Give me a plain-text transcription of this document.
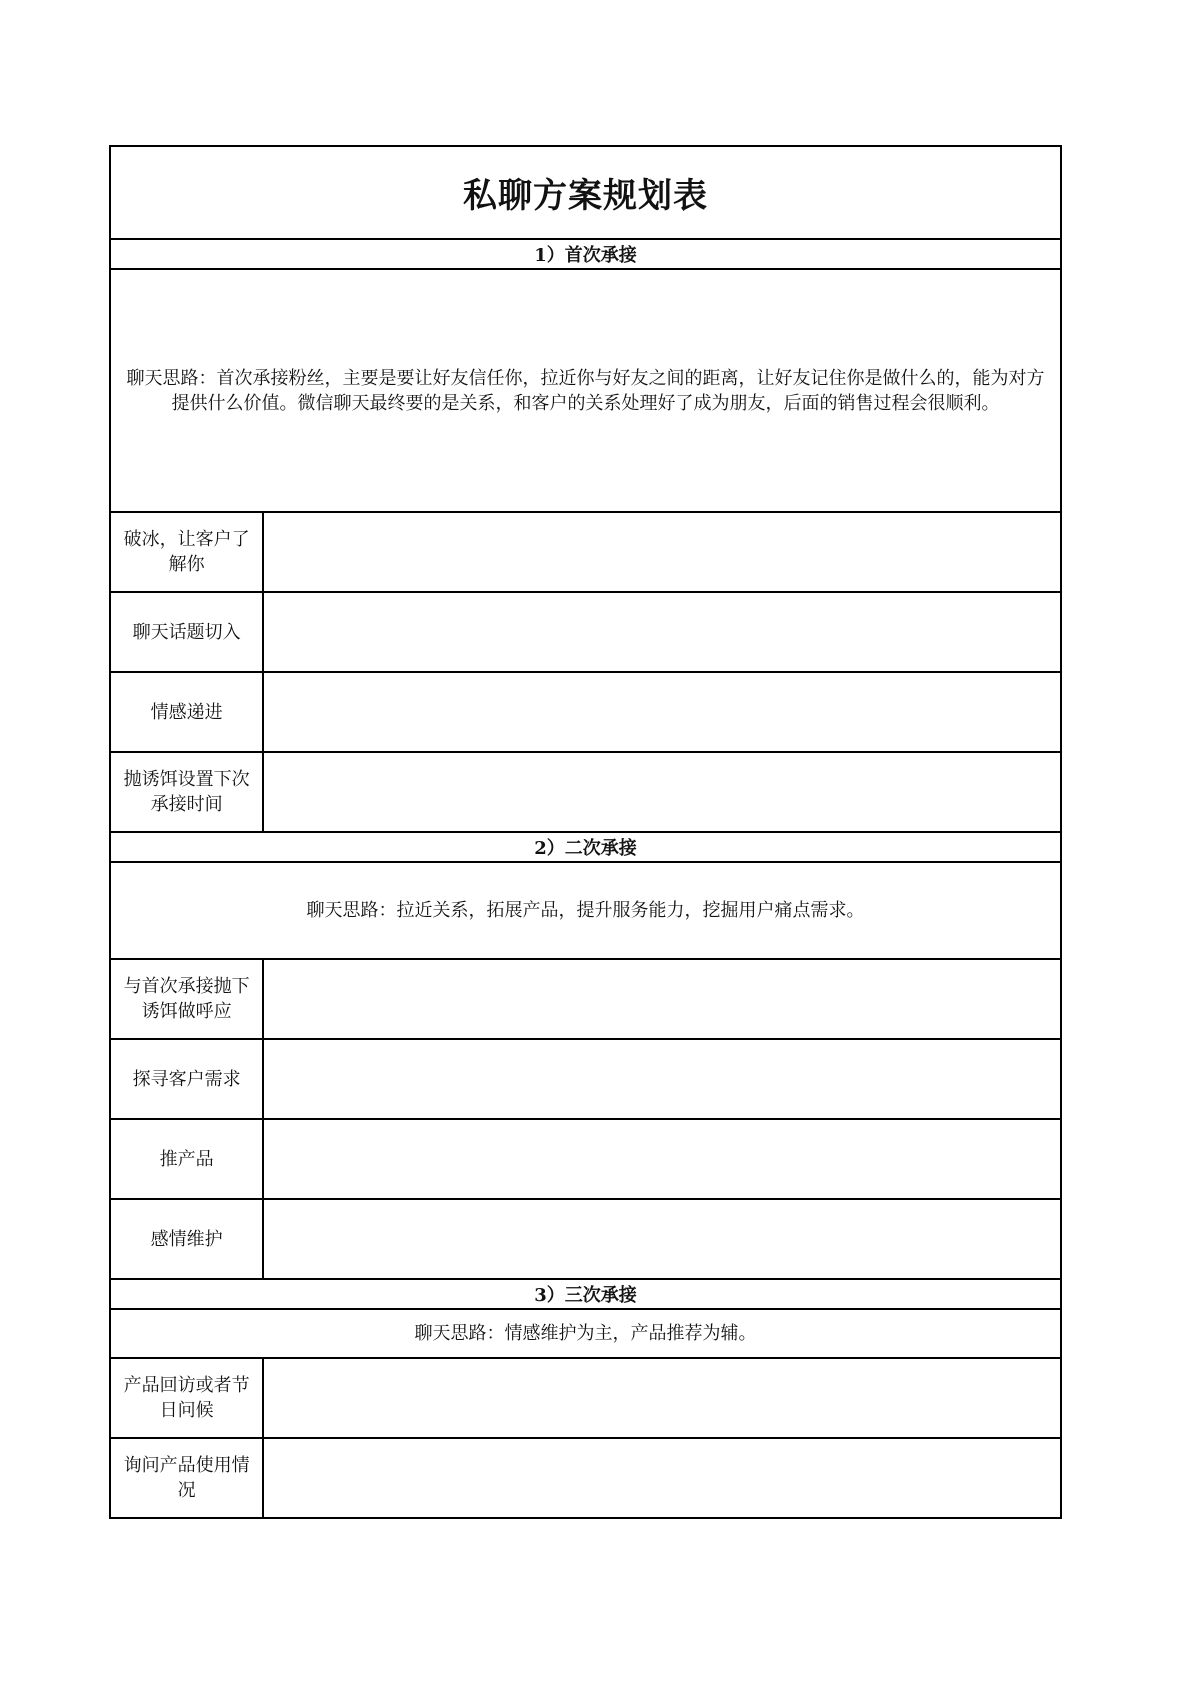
私聊方案规划表	
1）首次承接	
聊天思路：首次承接粉丝，主要是要让好友信任你，拉近你与好友之间的距离，让好友记住你是做什么的，能为对方提供什么价值。微信聊天最终要的是关系，和客户的关系处理好了成为朋友，后面的销售过程会很顺利。	
破冰，让客户了解你	
聊天话题切入	
情感递进	
抛诱饵设置下次承接时间	
2）二次承接	
聊天思路：拉近关系，拓展产品，提升服务能力，挖掘用户痛点需求。	
与首次承接抛下诱饵做呼应	
探寻客户需求	
推产品	
感情维护	
3）三次承接	
聊天思路：情感维护为主，产品推荐为辅。	
产品回访或者节日问候	
询问产品使用情况	
